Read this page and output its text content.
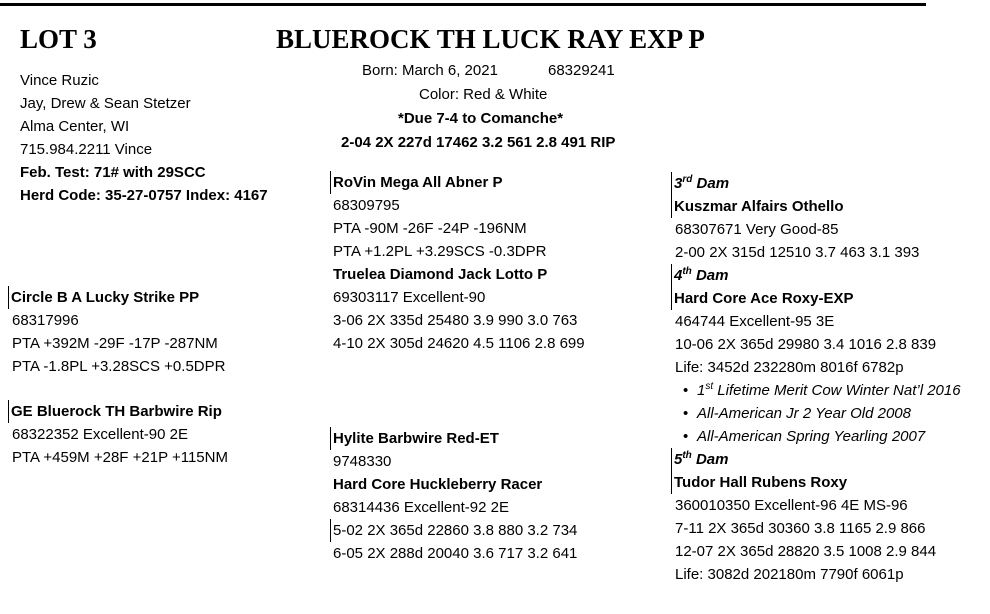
LOT 3	BLUEROCK TH LUCK RAY EXP P
Born: March 6, 2021	68329241
Color: Red & White
*Due 7-4 to Comanche*
2-04 2X 227d 17462 3.2 561 2.8 491 RIP
Vince Ruzic
Jay, Drew & Sean Stetzer
Alma Center, WI
715.984.2211 Vince
Feb. Test: 71# with 29SCC
Herd Code: 35-27-0757 Index: 4167
Circle B A Lucky Strike PP
68317996
PTA +392M -29F -17P -287NM
PTA -1.8PL +3.28SCS +0.5DPR
GE Bluerock TH Barbwire Rip
68322352 Excellent-90 2E
PTA +459M +28F +21P +115NM
RoVin Mega All Abner P
68309795
PTA -90M -26F -24P -196NM
PTA +1.2PL +3.29SCS -0.3DPR
Truelea Diamond Jack Lotto P
69303117 Excellent-90
3-06 2X 335d 25480 3.9 990 3.0 763
4-10 2X 305d 24620 4.5 1106 2.8 699
Hylite Barbwire Red-ET
9748330
Hard Core Huckleberry Racer
68314436 Excellent-92 2E
5-02 2X 365d 22860 3.8 880 3.2 734
6-05 2X 288d 20040 3.6 717 3.2 641
3rd Dam
Kuszmar Alfairs Othello
68307671 Very Good-85
2-00 2X 315d 12510 3.7 463 3.1 393
4th Dam
Hard Core Ace Roxy-EXP
464744 Excellent-95 3E
10-06 2X 365d 29980 3.4 1016 2.8 839
Life: 3452d 232280m 8016f 6782p
• 1st Lifetime Merit Cow Winter Nat’l 2016
• All-American Jr 2 Year Old 2008
• All-American Spring Yearling 2007
5th Dam
Tudor Hall Rubens Roxy
360010350 Excellent-96 4E MS-96
7-11 2X 365d 30360 3.8 1165 2.9 866
12-07 2X 365d 28820 3.5 1008 2.9 844
Life: 3082d 202180m 7790f 6061p
